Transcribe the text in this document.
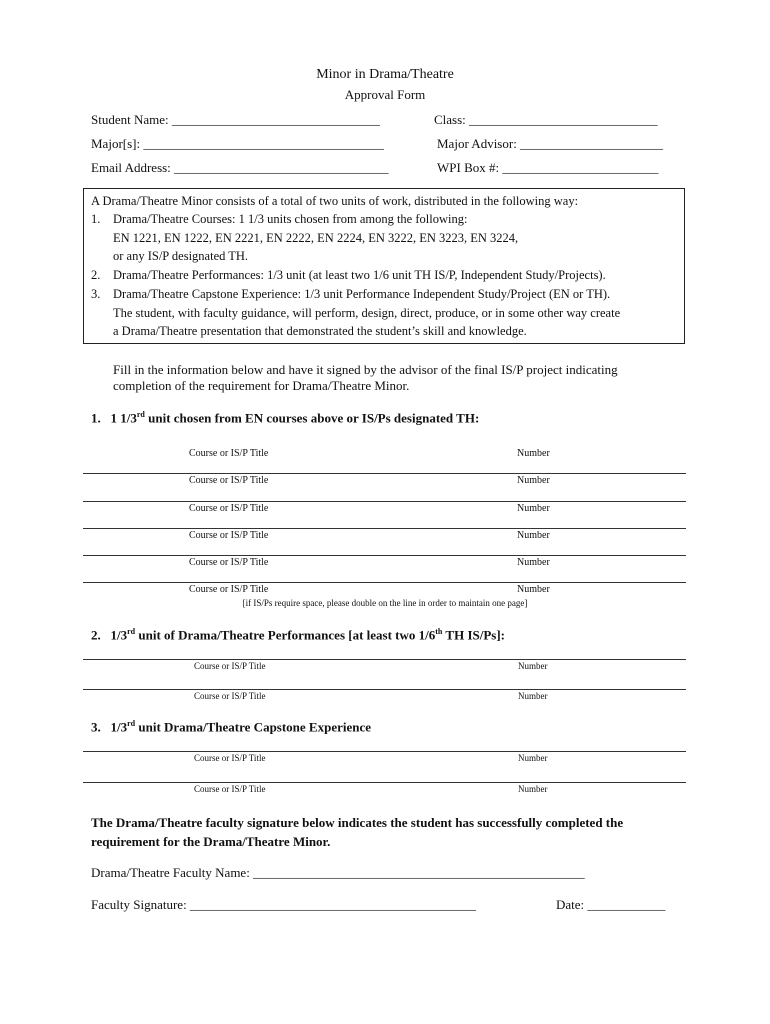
Minor in Drama/Theatre
Approval Form
Student Name: ________________________________	Class: _____________________________
Major[s]: _____________________________________	Major Advisor: ______________________
Email Address: _________________________________	WPI Box #: ________________________
A Drama/Theatre Minor consists of a total of two units of work, distributed in the following way:
1. Drama/Theatre Courses: 1 1/3 units chosen from among the following:
EN 1221, EN 1222, EN 2221, EN 2222, EN 2224, EN 3222, EN 3223, EN 3224,
or any IS/P designated TH.
2. Drama/Theatre Performances: 1/3 unit (at least two 1/6 unit TH IS/P, Independent Study/Projects).
3. Drama/Theatre Capstone Experience: 1/3 unit Performance Independent Study/Project (EN or TH).
The student, with faculty guidance, will perform, design, direct, produce, or in some other way create
a Drama/Theatre presentation that demonstrated the student’s skill and knowledge.
Fill in the information below and have it signed by the advisor of the final IS/P project indicating
completion of the requirement for Drama/Theatre Minor.
1. 1 1/3rd unit chosen from EN courses above or IS/Ps designated TH:
Course or IS/P Title	Number
Course or IS/P Title	Number
Course or IS/P Title	Number
Course or IS/P Title	Number
Course or IS/P Title	Number
Course or IS/P Title	Number
[if IS/Ps require space, please double on the line in order to maintain one page]
2. 1/3rd unit of Drama/Theatre Performances [at least two 1/6th TH IS/Ps]:
Course or IS/P Title	Number
Course or IS/P Title	Number
3. 1/3rd unit Drama/Theatre Capstone Experience
Course or IS/P Title	Number
Course or IS/P Title	Number
The Drama/Theatre faculty signature below indicates the student has successfully completed the
requirement for the Drama/Theatre Minor.
Drama/Theatre Faculty Name: ___________________________________________________
Faculty Signature: ____________________________________________	Date: ____________
